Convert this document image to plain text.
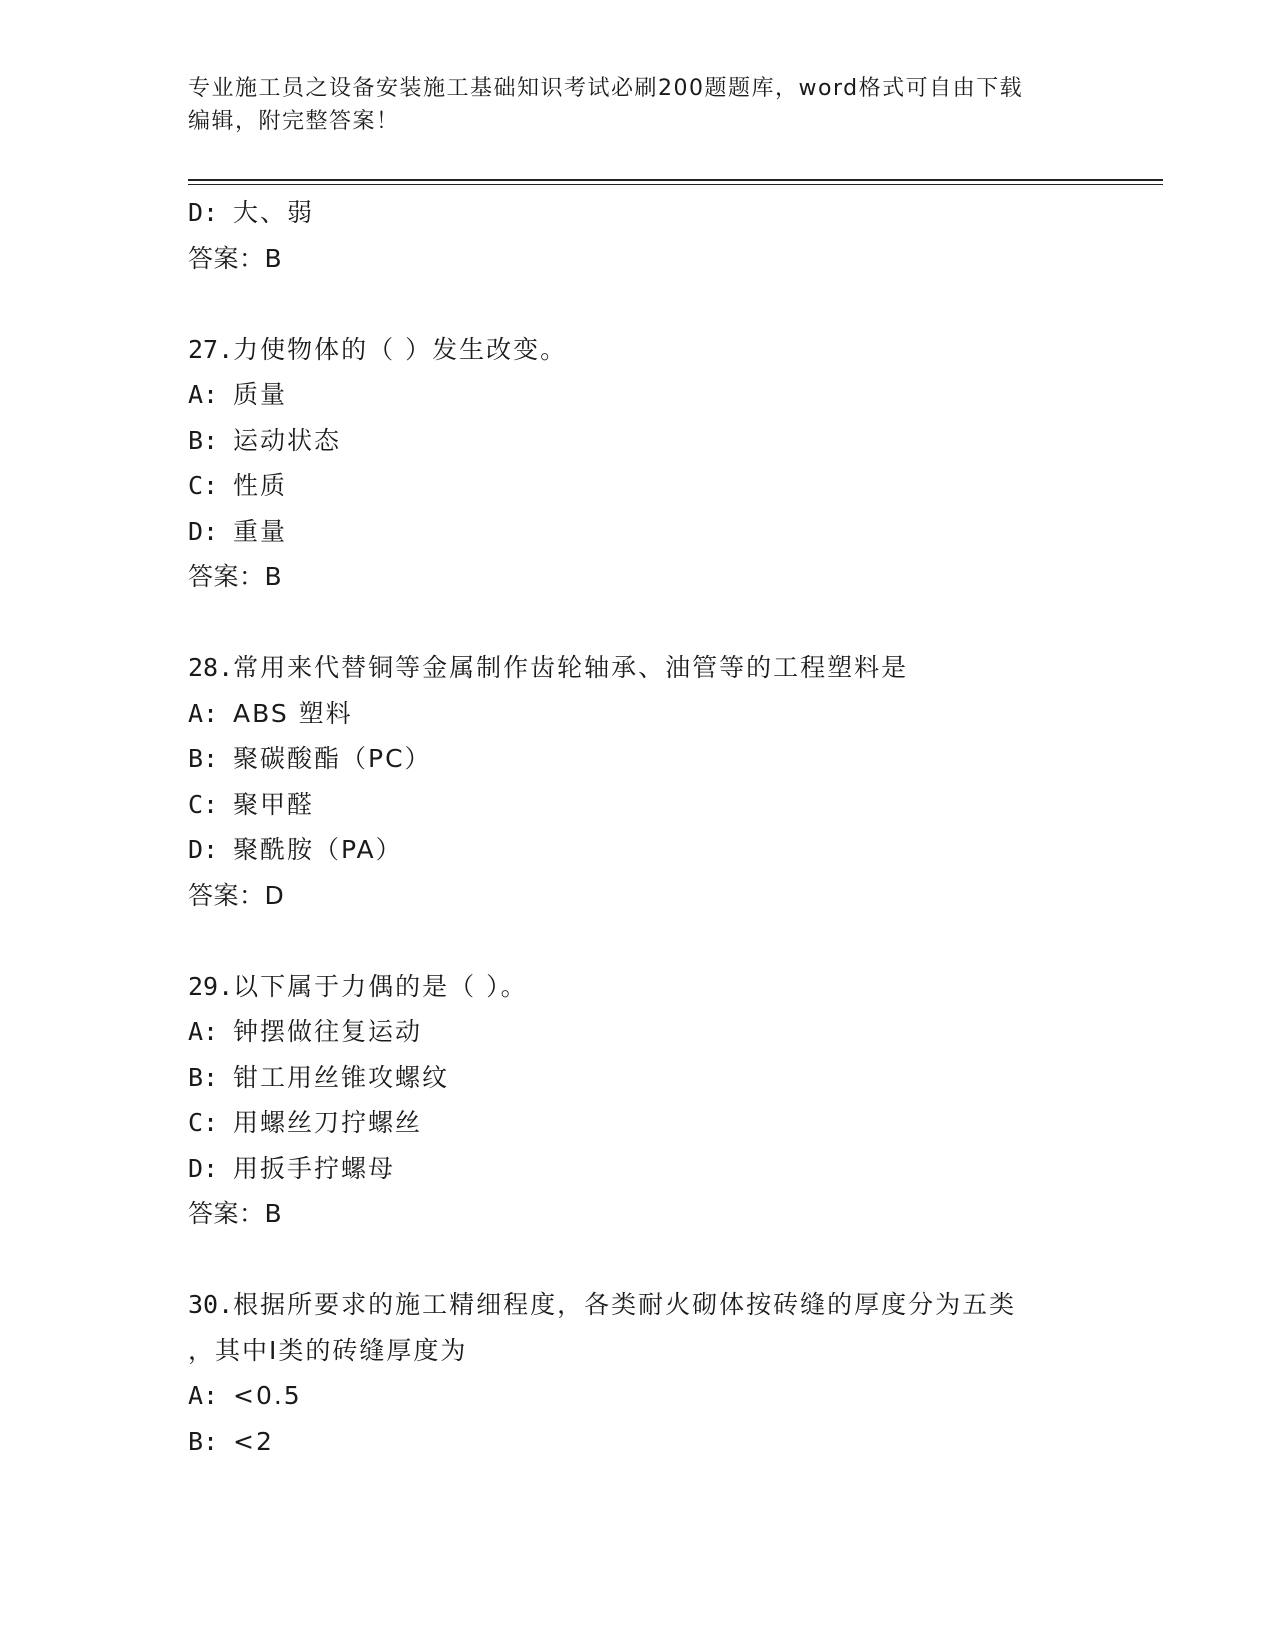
专业施工员之设备安装施工基础知识考试必刷200题题库，word格式可自由下载
编辑，附完整答案！
D: 大、弱
答案：B
27.力使物体的（ ）发生改变。
A: 质量
B: 运动状态
C: 性质
D: 重量
答案：B
28.常用来代替铜等金属制作齿轮轴承、油管等的工程塑料是
A: ABS 塑料
B: 聚碳酸酯（PC）
C: 聚甲醛
D: 聚酰胺（PA）
答案：D
29.以下属于力偶的是（ ）。
A: 钟摆做往复运动
B: 钳工用丝锥攻螺纹
C: 用螺丝刀拧螺丝
D: 用扳手拧螺母
答案：B
30.根据所要求的施工精细程度，各类耐火砌体按砖缝的厚度分为五类
，其中Ⅰ类的砖缝厚度为
A: <0.5
B: <2
